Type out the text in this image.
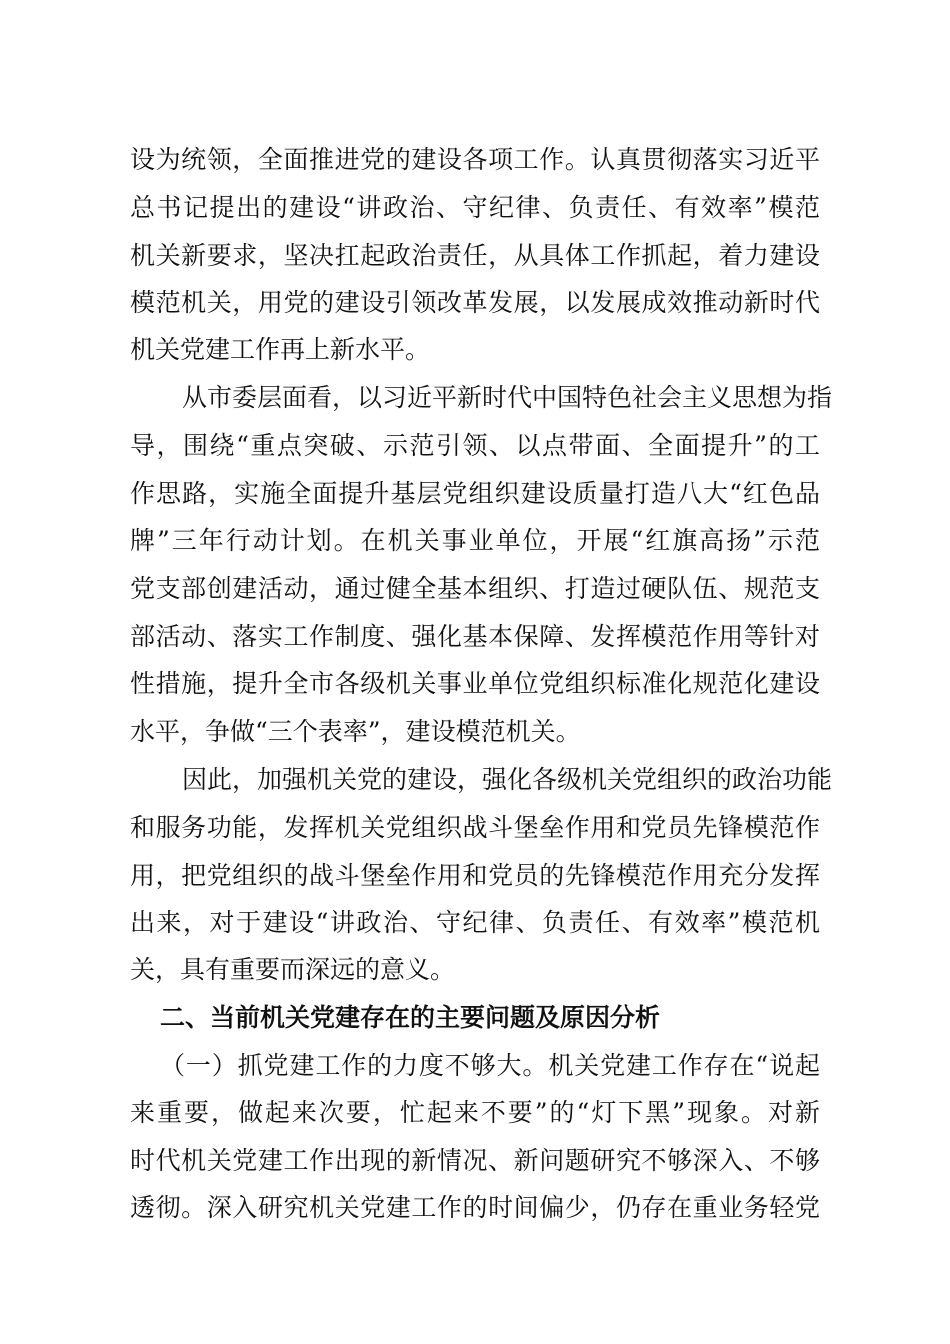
设为统领，全面推进党的建设各项工作。认真贯彻落实习近平
总书记提出的建设“讲政治、守纪律、负责任、有效率”模范
机关新要求，坚决扛起政治责任，从具体工作抓起，着力建设
模范机关，用党的建设引领改革发展，以发展成效推动新时代
机关党建工作再上新水平。
从市委层面看，以习近平新时代中国特色社会主义思想为指
导，围绕“重点突破、示范引领、以点带面、全面提升”的工
作思路，实施全面提升基层党组织建设质量打造八大“红色品
牌”三年行动计划。在机关事业单位，开展“红旗高扬”示范
党支部创建活动，通过健全基本组织、打造过硬队伍、规范支
部活动、落实工作制度、强化基本保障、发挥模范作用等针对
性措施，提升全市各级机关事业单位党组织标准化规范化建设
水平，争做“三个表率”，建设模范机关。
因此，加强机关党的建设，强化各级机关党组织的政治功能
和服务功能，发挥机关党组织战斗堡垒作用和党员先锋模范作
用，把党组织的战斗堡垒作用和党员的先锋模范作用充分发挥
出来，对于建设“讲政治、守纪律、负责任、有效率”模范机
关，具有重要而深远的意义。
二、当前机关党建存在的主要问题及原因分析
（一）抓党建工作的力度不够大。机关党建工作存在“说起
来重要，做起来次要，忙起来不要”的“灯下黑”现象。对新
时代机关党建工作出现的新情况、新问题研究不够深入、不够
透彻。深入研究机关党建工作的时间偏少，仍存在重业务轻党
